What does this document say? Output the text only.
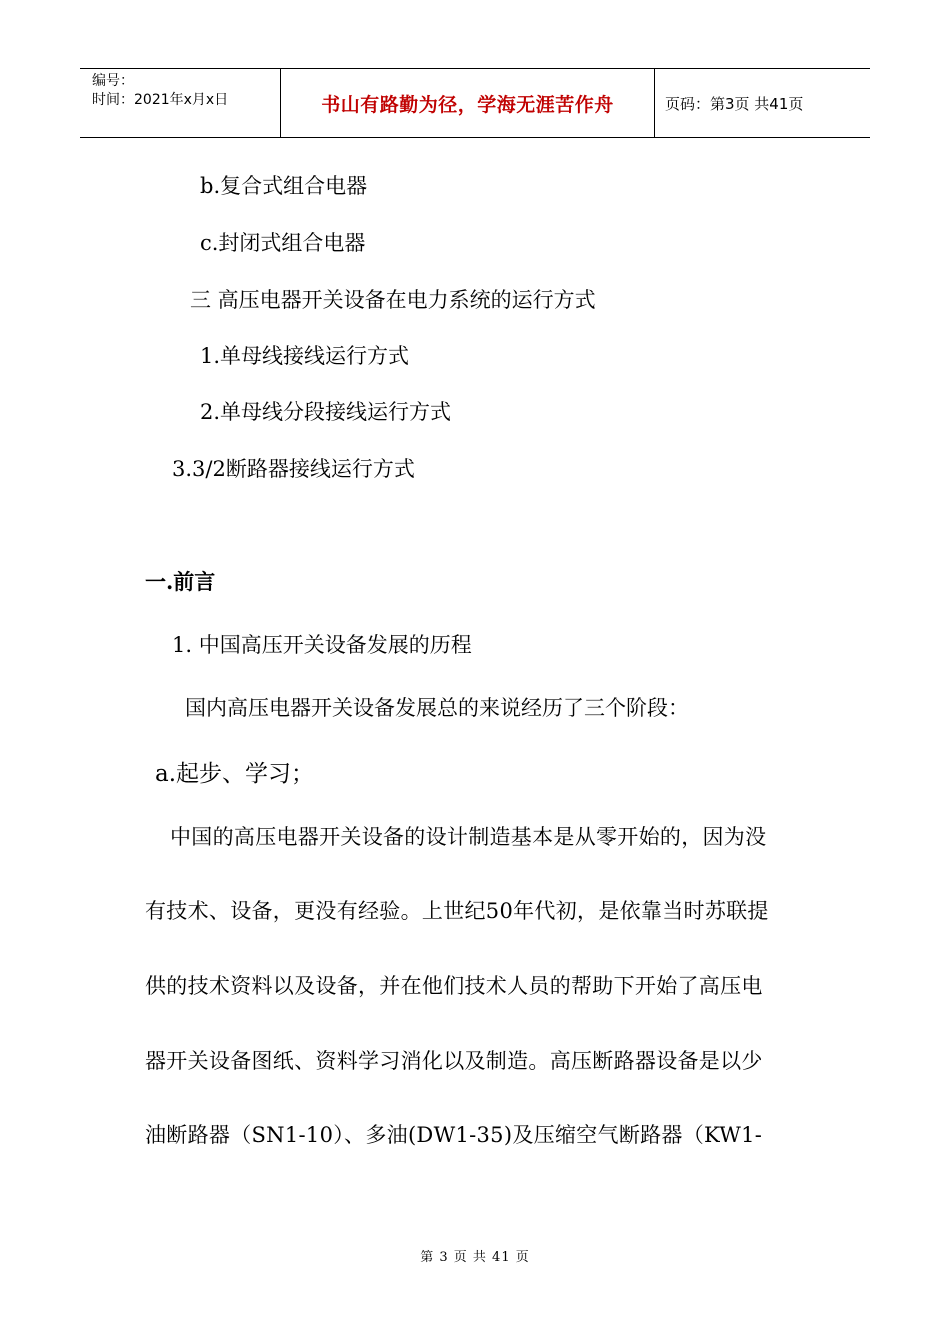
编号：
时间：2021年x月x日	书山有路勤为径，学海无涯苦作舟	页码：第3页 共41页
b.复合式组合电器
c.封闭式组合电器
三 高压电器开关设备在电力系统的运行方式
1.单母线接线运行方式
2.单母线分段接线运行方式
3.3/2断路器接线运行方式
一.前言
1. 中国高压开关设备发展的历程
国内高压电器开关设备发展总的来说经历了三个阶段：
a.起步、学习；
中国的高压电器开关设备的设计制造基本是从零开始的，因为没
有技术、设备，更没有经验。上世纪50年代初，是依靠当时苏联提
供的技术资料以及设备，并在他们技术人员的帮助下开始了高压电
器开关设备图纸、资料学习消化以及制造。高压断路器设备是以少
油断路器（SN1-10）、多油(DW1-35)及压缩空气断路器（KW1-
第 3 页 共 41 页
